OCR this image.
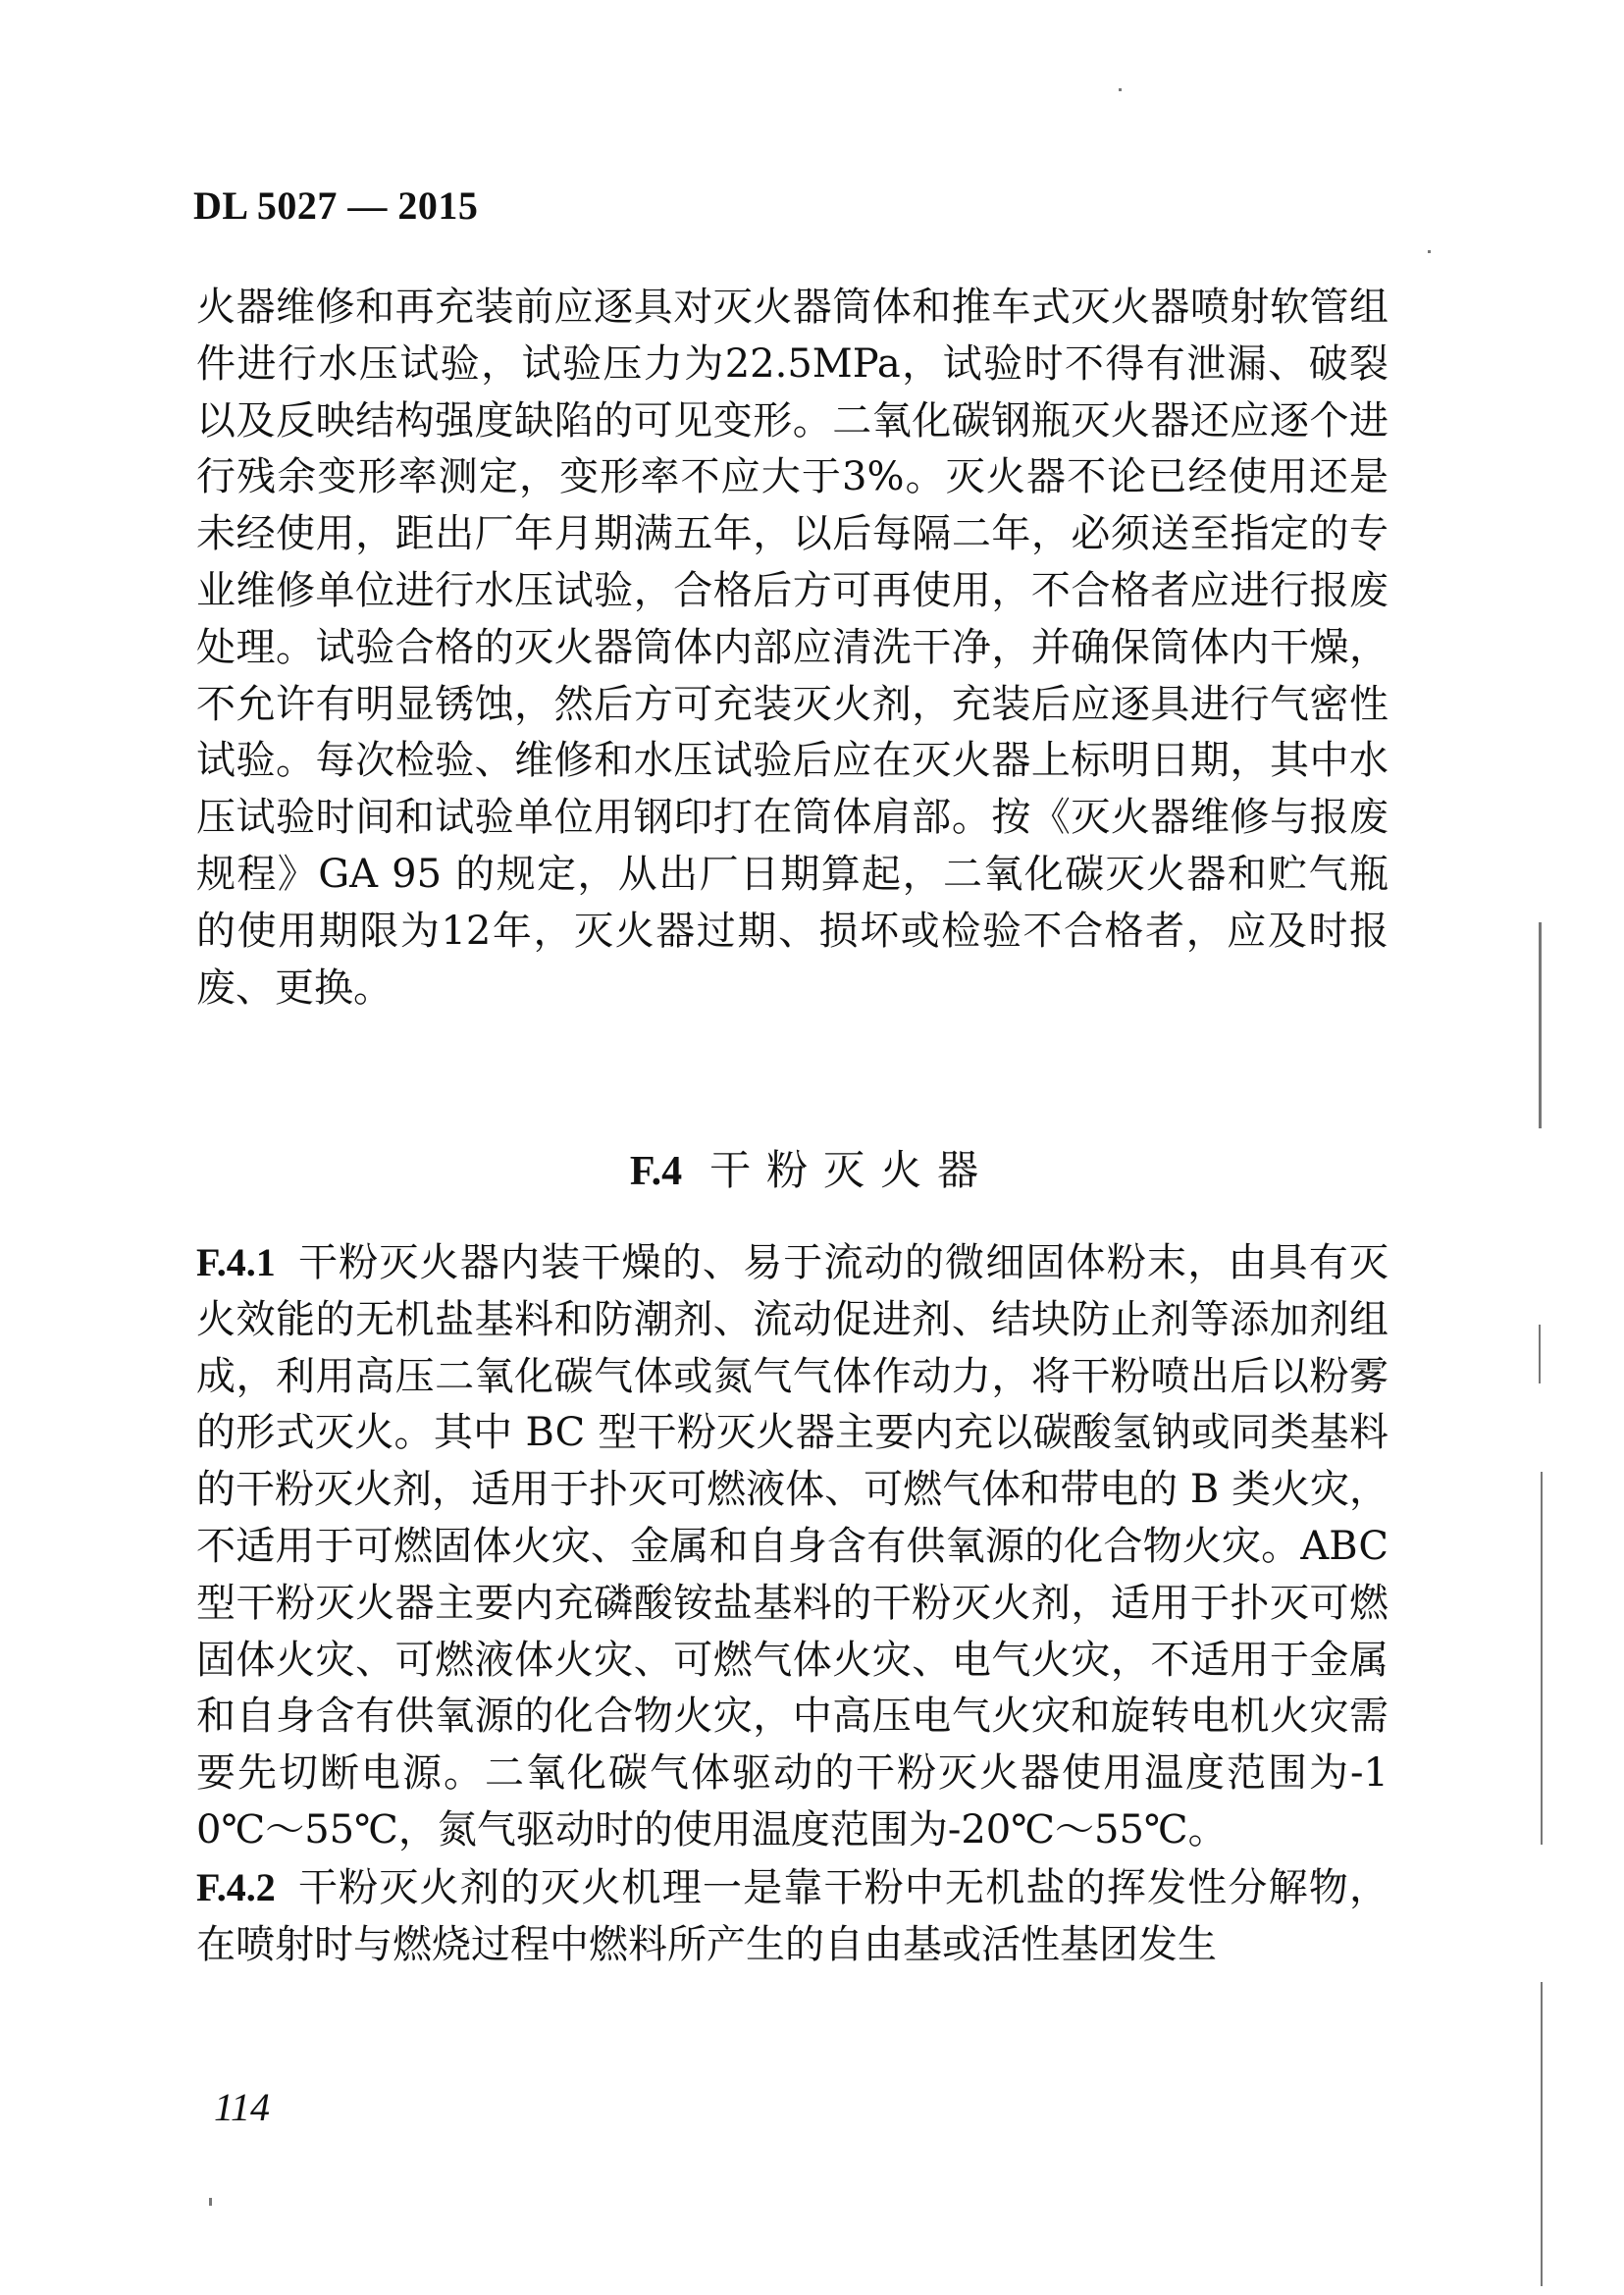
DL 5027 — 2015

火器维修和再充装前应逐具对灭火器筒体和推车式灭火器喷射软管组件进行水压试验，试验压力为22.5MPa，试验时不得有泄漏、破裂以及反映结构强度缺陷的可见变形。二氧化碳钢瓶灭火器还应逐个进行残余变形率测定，变形率不应大于3%。灭火器不论已经使用还是未经使用，距出厂年月期满五年，以后每隔二年，必须送至指定的专业维修单位进行水压试验，合格后方可再使用，不合格者应进行报废处理。试验合格的灭火器筒体内部应清洗干净，并确保筒体内干燥，不允许有明显锈蚀，然后方可充装灭火剂，充装后应逐具进行气密性试验。每次检验、维修和水压试验后应在灭火器上标明日期，其中水压试验时间和试验单位用钢印打在筒体肩部。按《灭火器维修与报废规程》GA 95 的规定，从出厂日期算起，二氧化碳灭火器和贮气瓶的使用期限为12年，灭火器过期、损坏或检验不合格者，应及时报废、更换。

F.4 干粉灭火器

F.4.1 干粉灭火器内装干燥的、易于流动的微细固体粉末，由具有灭火效能的无机盐基料和防潮剂、流动促进剂、结块防止剂等添加剂组成，利用高压二氧化碳气体或氮气气体作动力，将干粉喷出后以粉雾的形式灭火。其中 BC 型干粉灭火器主要内充以碳酸氢钠或同类基料的干粉灭火剂，适用于扑灭可燃液体、可燃气体和带电的 B 类火灾，不适用于可燃固体火灾、金属和自身含有供氧源的化合物火灾。ABC 型干粉灭火器主要内充磷酸铵盐基料的干粉灭火剂，适用于扑灭可燃固体火灾、可燃液体火灾、可燃气体火灾、电气火灾，不适用于金属和自身含有供氧源的化合物火灾，中高压电气火灾和旋转电机火灾需要先切断电源。二氧化碳气体驱动的干粉灭火器使用温度范围为-10℃～55℃，氮气驱动时的使用温度范围为-20℃～55℃。

F.4.2 干粉灭火剂的灭火机理一是靠干粉中无机盐的挥发性分解物，在喷射时与燃烧过程中燃料所产生的自由基或活性基团发生

114
